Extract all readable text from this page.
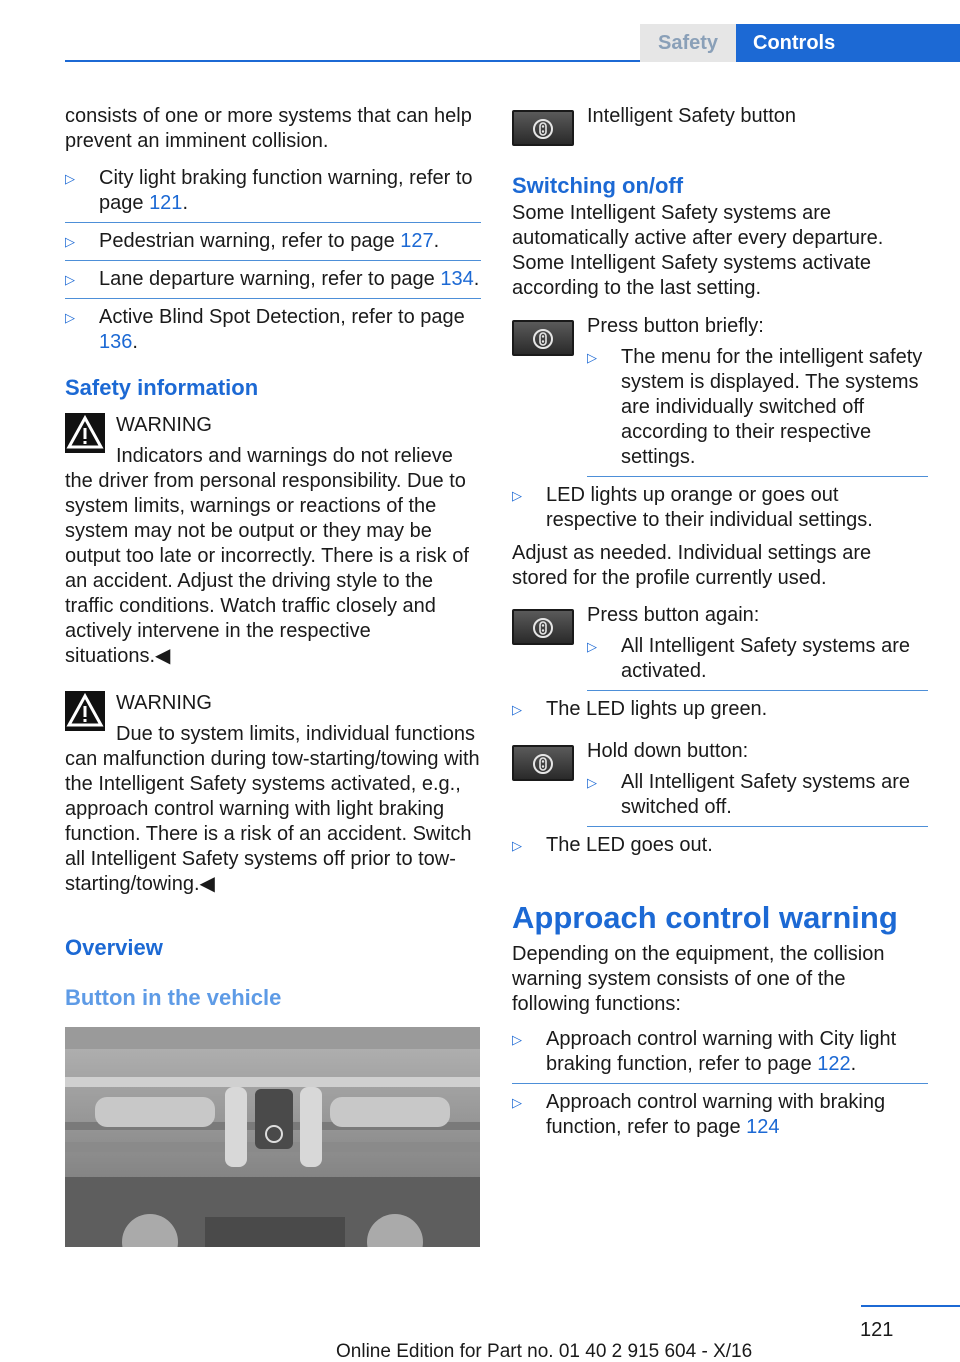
Safety	Controls

consists of one or more systems that can help prevent an imminent collision.

▷ City light braking function warning, refer to page 121.
▷ Pedestrian warning, refer to page 127.
▷ Lane departure warning, refer to page 134.
▷ Active Blind Spot Detection, refer to page 136.
Safety information

WARNING

Indicators and warnings do not relieve

the driver from personal responsibility. Due to system limits, warnings or reactions of the system may not be output or they may be output too late or incorrectly. There is a risk of an accident. Adjust the driving style to the traffic conditions. Watch traffic closely and actively intervene in the respective situations.◀

WARNING

Due to system limits, individual functions

can malfunction during tow-starting/towing with the Intelligent Safety systems activated, e.g., approach control warning with light braking function. There is a risk of an accident. Switch all Intelligent Safety systems off prior to tow-starting/towing.◀

Overview
Button in the vehicle

Intelligent Safety button

Switching on/off

Some Intelligent Safety systems are automatically active after every departure. Some Intelligent Safety systems activate according to the last setting.

Press button briefly:

▷ The menu for the intelligent safety system is displayed. The systems are individually switched off according to their respective settings.
▷ LED lights up orange or goes out respective to their individual settings.

Adjust as needed. Individual settings are stored for the profile currently used.

Press button again:

▷ All Intelligent Safety systems are activated.
▷ The LED lights up green.

Hold down button:

▷ All Intelligent Safety systems are switched off.
▷ The LED goes out.
Approach control warning

Depending on the equipment, the collision warning system consists of one of the following functions:

▷ Approach control warning with City light braking function, refer to page 122.
▷ Approach control warning with braking function, refer to page 124
121
Online Edition for Part no. 01 40 2 915 604 - X/16
